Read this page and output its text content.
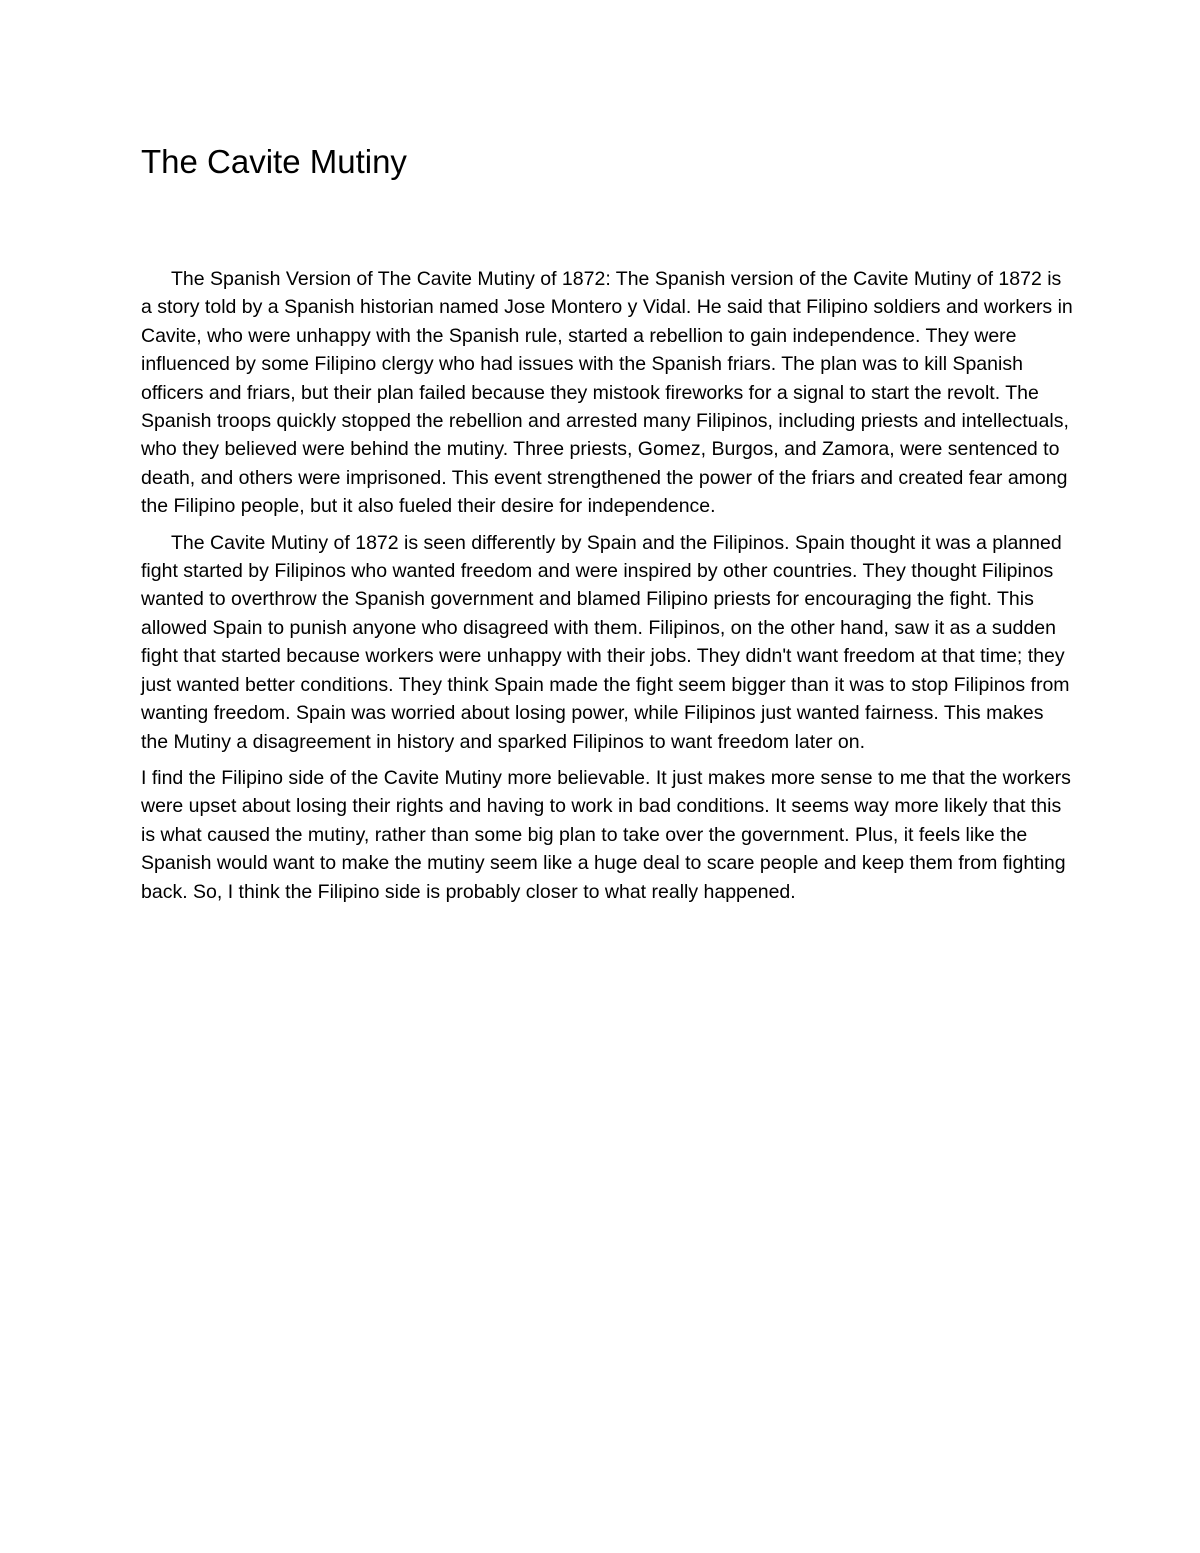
The Cavite Mutiny

The Spanish Version of The Cavite Mutiny of 1872: The Spanish version of the Cavite Mutiny of 1872 is a story told by a Spanish historian named Jose Montero y Vidal. He said that Filipino soldiers and workers in Cavite, who were unhappy with the Spanish rule, started a rebellion to gain independence. They were influenced by some Filipino clergy who had issues with the Spanish friars. The plan was to kill Spanish officers and friars, but their plan failed because they mistook fireworks for a signal to start the revolt. The Spanish troops quickly stopped the rebellion and arrested many Filipinos, including priests and intellectuals, who they believed were behind the mutiny. Three priests, Gomez, Burgos, and Zamora, were sentenced to death, and others were imprisoned. This event strengthened the power of the friars and created fear among the Filipino people, but it also fueled their desire for independence.

The Cavite Mutiny of 1872 is seen differently by Spain and the Filipinos. Spain thought it was a planned fight started by Filipinos who wanted freedom and were inspired by other countries. They thought Filipinos wanted to overthrow the Spanish government and blamed Filipino priests for encouraging the fight. This allowed Spain to punish anyone who disagreed with them. Filipinos, on the other hand, saw it as a sudden fight that started because workers were unhappy with their jobs. They didn't want freedom at that time; they just wanted better conditions. They think Spain made the fight seem bigger than it was to stop Filipinos from wanting freedom. Spain was worried about losing power, while Filipinos just wanted fairness. This makes the Mutiny a disagreement in history and sparked Filipinos to want freedom later on.

I find the Filipino side of the Cavite Mutiny more believable. It just makes more sense to me that the workers were upset about losing their rights and having to work in bad conditions. It seems way more likely that this is what caused the mutiny, rather than some big plan to take over the government. Plus, it feels like the Spanish would want to make the mutiny seem like a huge deal to scare people and keep them from fighting back. So, I think the Filipino side is probably closer to what really happened.
